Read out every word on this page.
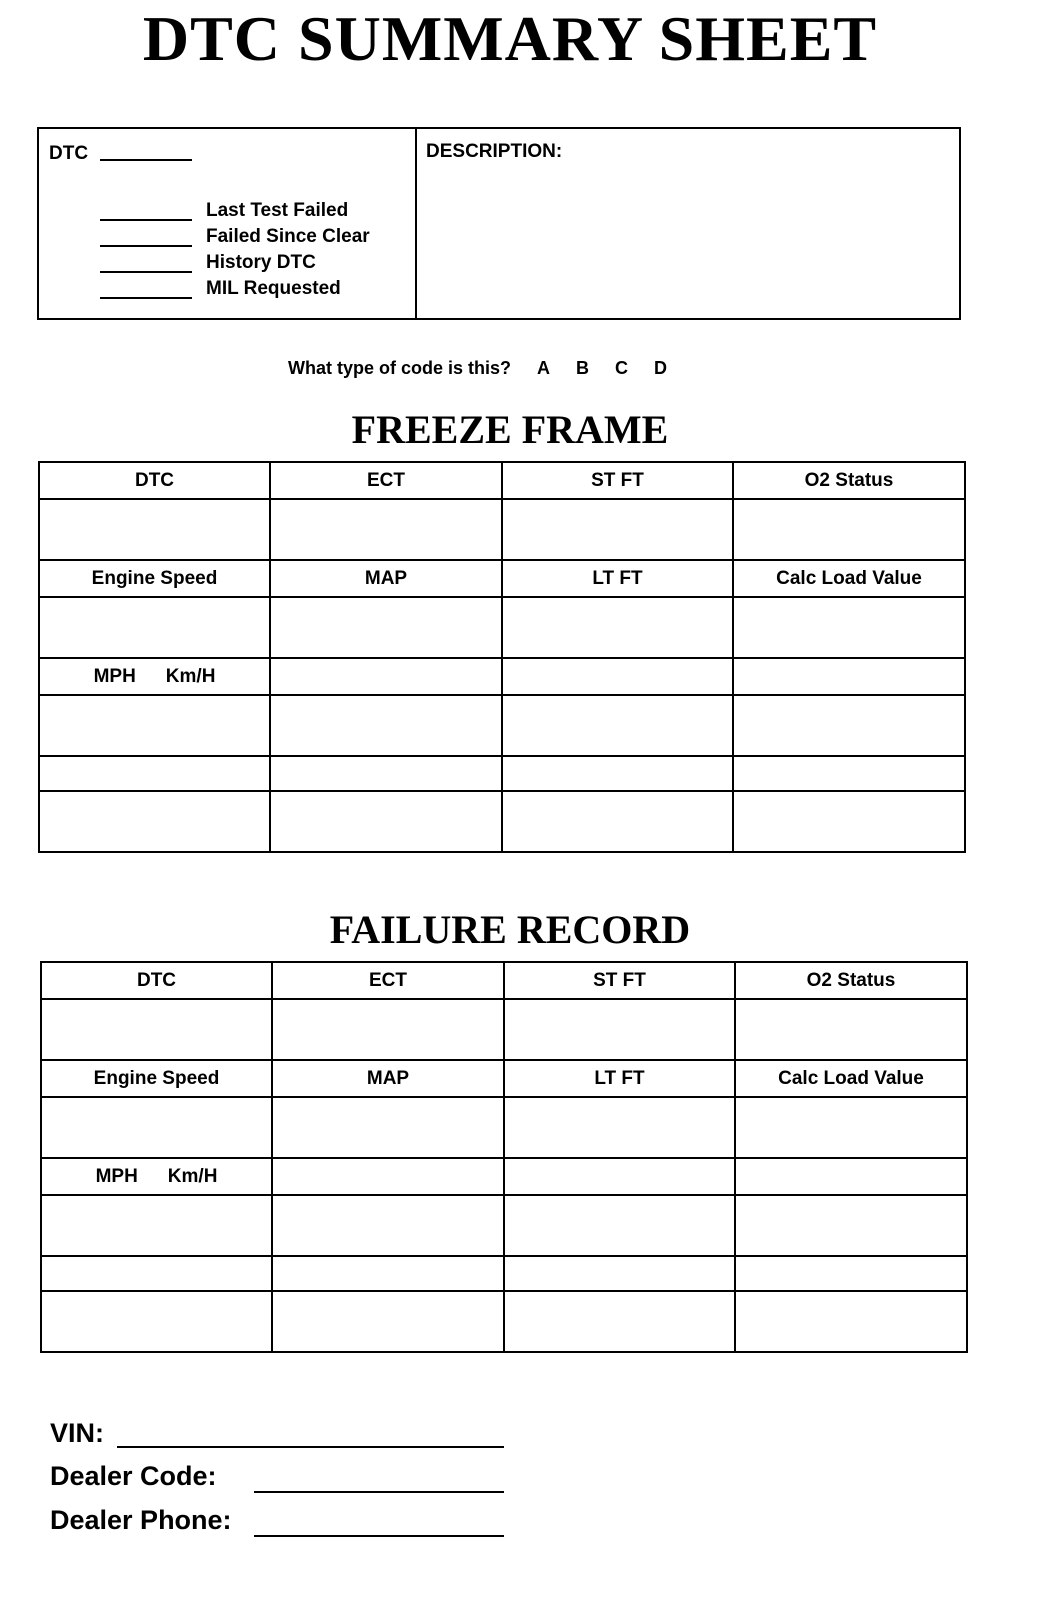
DTC SUMMARY SHEET
DTC
Last Test Failed
Failed Since Clear
History DTC
MIL Requested
DESCRIPTION:
What type of code is this? A B C D
FREEZE FRAME
DTC	ECT	ST FT	O2 Status

Engine Speed	MAP	LT FT	Calc Load Value

MPH Km/H			

FAILURE RECORD
DTC	ECT	ST FT	O2 Status

Engine Speed	MAP	LT FT	Calc Load Value

MPH Km/H			

VIN:
Dealer Code:
Dealer Phone:
